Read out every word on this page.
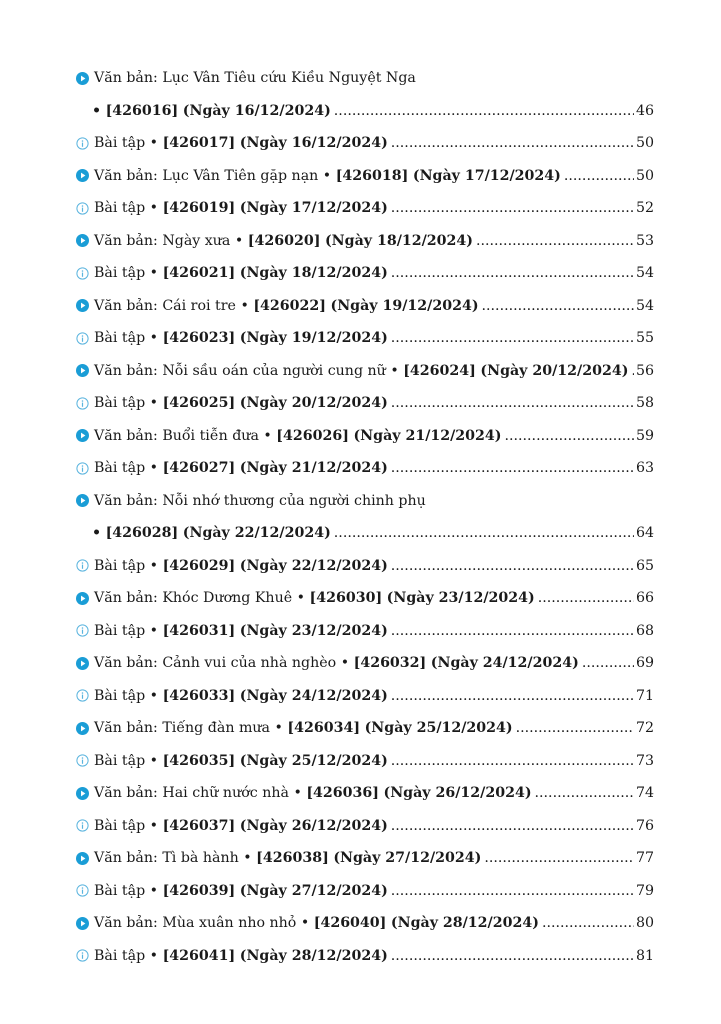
Văn bản: Lục Vân Tiêu cứu Kiều Nguyệt Nga
• [426016] (Ngày 16/12/2024) .....	46
Bài tập • [426017] (Ngày 16/12/2024) .....	50
Văn bản: Lục Vân Tiên gặp nạn • [426018] (Ngày 17/12/2024) .....	50
Bài tập • [426019] (Ngày 17/12/2024) .....	52
Văn bản: Ngày xưa • [426020] (Ngày 18/12/2024) .....	53
Bài tập • [426021] (Ngày 18/12/2024) .....	54
Văn bản: Cái roi tre • [426022] (Ngày 19/12/2024) .....	54
Bài tập • [426023] (Ngày 19/12/2024) .....	55
Văn bản: Nỗi sầu oán của người cung nữ • [426024] (Ngày 20/12/2024) ..... 56
Bài tập • [426025] (Ngày 20/12/2024) .....	58
Văn bản: Buổi tiễn đưa • [426026] (Ngày 21/12/2024) .....	59
Bài tập • [426027] (Ngày 21/12/2024) .....	63
Văn bản: Nỗi nhớ thương của người chinh phụ
• [426028] (Ngày 22/12/2024) .....	64
Bài tập • [426029] (Ngày 22/12/2024) .....	65
Văn bản: Khóc Dương Khuê • [426030] (Ngày 23/12/2024) .....	66
Bài tập • [426031] (Ngày 23/12/2024) .....	68
Văn bản: Cảnh vui của nhà nghèo • [426032] (Ngày 24/12/2024) .....	69
Bài tập • [426033] (Ngày 24/12/2024) .....	71
Văn bản: Tiếng đàn mưa • [426034] (Ngày 25/12/2024) .....	72
Bài tập • [426035] (Ngày 25/12/2024) .....	73
Văn bản: Hai chữ nước nhà • [426036] (Ngày 26/12/2024) .....	74
Bài tập • [426037] (Ngày 26/12/2024) .....	76
Văn bản: Tì bà hành • [426038] (Ngày 27/12/2024) .....	77
Bài tập • [426039] (Ngày 27/12/2024) .....	79
Văn bản: Mùa xuân nho nhỏ • [426040] (Ngày 28/12/2024) .....	80
Bài tập • [426041] (Ngày 28/12/2024) .....	81
